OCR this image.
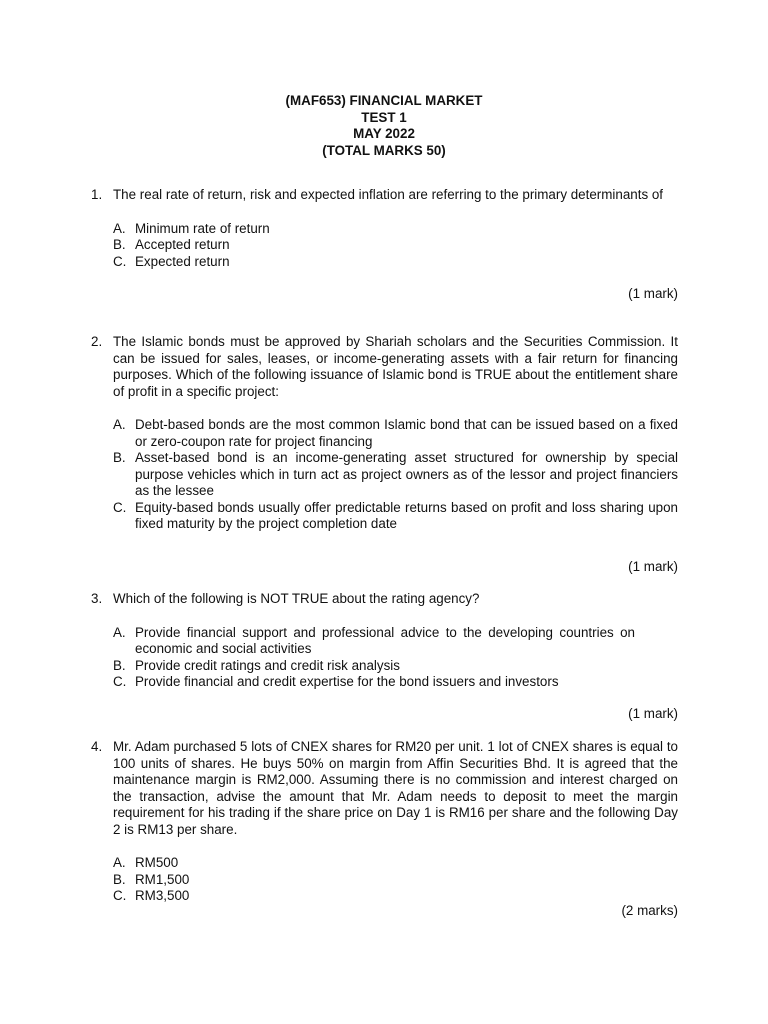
(MAF653) FINANCIAL MARKET
TEST 1
MAY 2022
(TOTAL MARKS 50)
1. The real rate of return, risk and expected inflation are referring to the primary determinants of
A. Minimum rate of return
B. Accepted return
C. Expected return
(1 mark)
2. The Islamic bonds must be approved by Shariah scholars and the Securities Commission. It can be issued for sales, leases, or income-generating assets with a fair return for financing purposes. Which of the following issuance of Islamic bond is TRUE about the entitlement share of profit in a specific project:
A. Debt-based bonds are the most common Islamic bond that can be issued based on a fixed or zero-coupon rate for project financing
B. Asset-based bond is an income-generating asset structured for ownership by special purpose vehicles which in turn act as project owners as of the lessor and project financiers as the lessee
C. Equity-based bonds usually offer predictable returns based on profit and loss sharing upon fixed maturity by the project completion date
(1 mark)
3. Which of the following is NOT TRUE about the rating agency?
A. Provide financial support and professional advice to the developing countries on economic and social activities
B. Provide credit ratings and credit risk analysis
C. Provide financial and credit expertise for the bond issuers and investors
(1 mark)
4. Mr. Adam purchased 5 lots of CNEX shares for RM20 per unit. 1 lot of CNEX shares is equal to 100 units of shares. He buys 50% on margin from Affin Securities Bhd. It is agreed that the maintenance margin is RM2,000. Assuming there is no commission and interest charged on the transaction, advise the amount that Mr. Adam needs to deposit to meet the margin requirement for his trading if the share price on Day 1 is RM16 per share and the following Day 2 is RM13 per share.
A. RM500
B. RM1,500
C. RM3,500
(2 marks)
